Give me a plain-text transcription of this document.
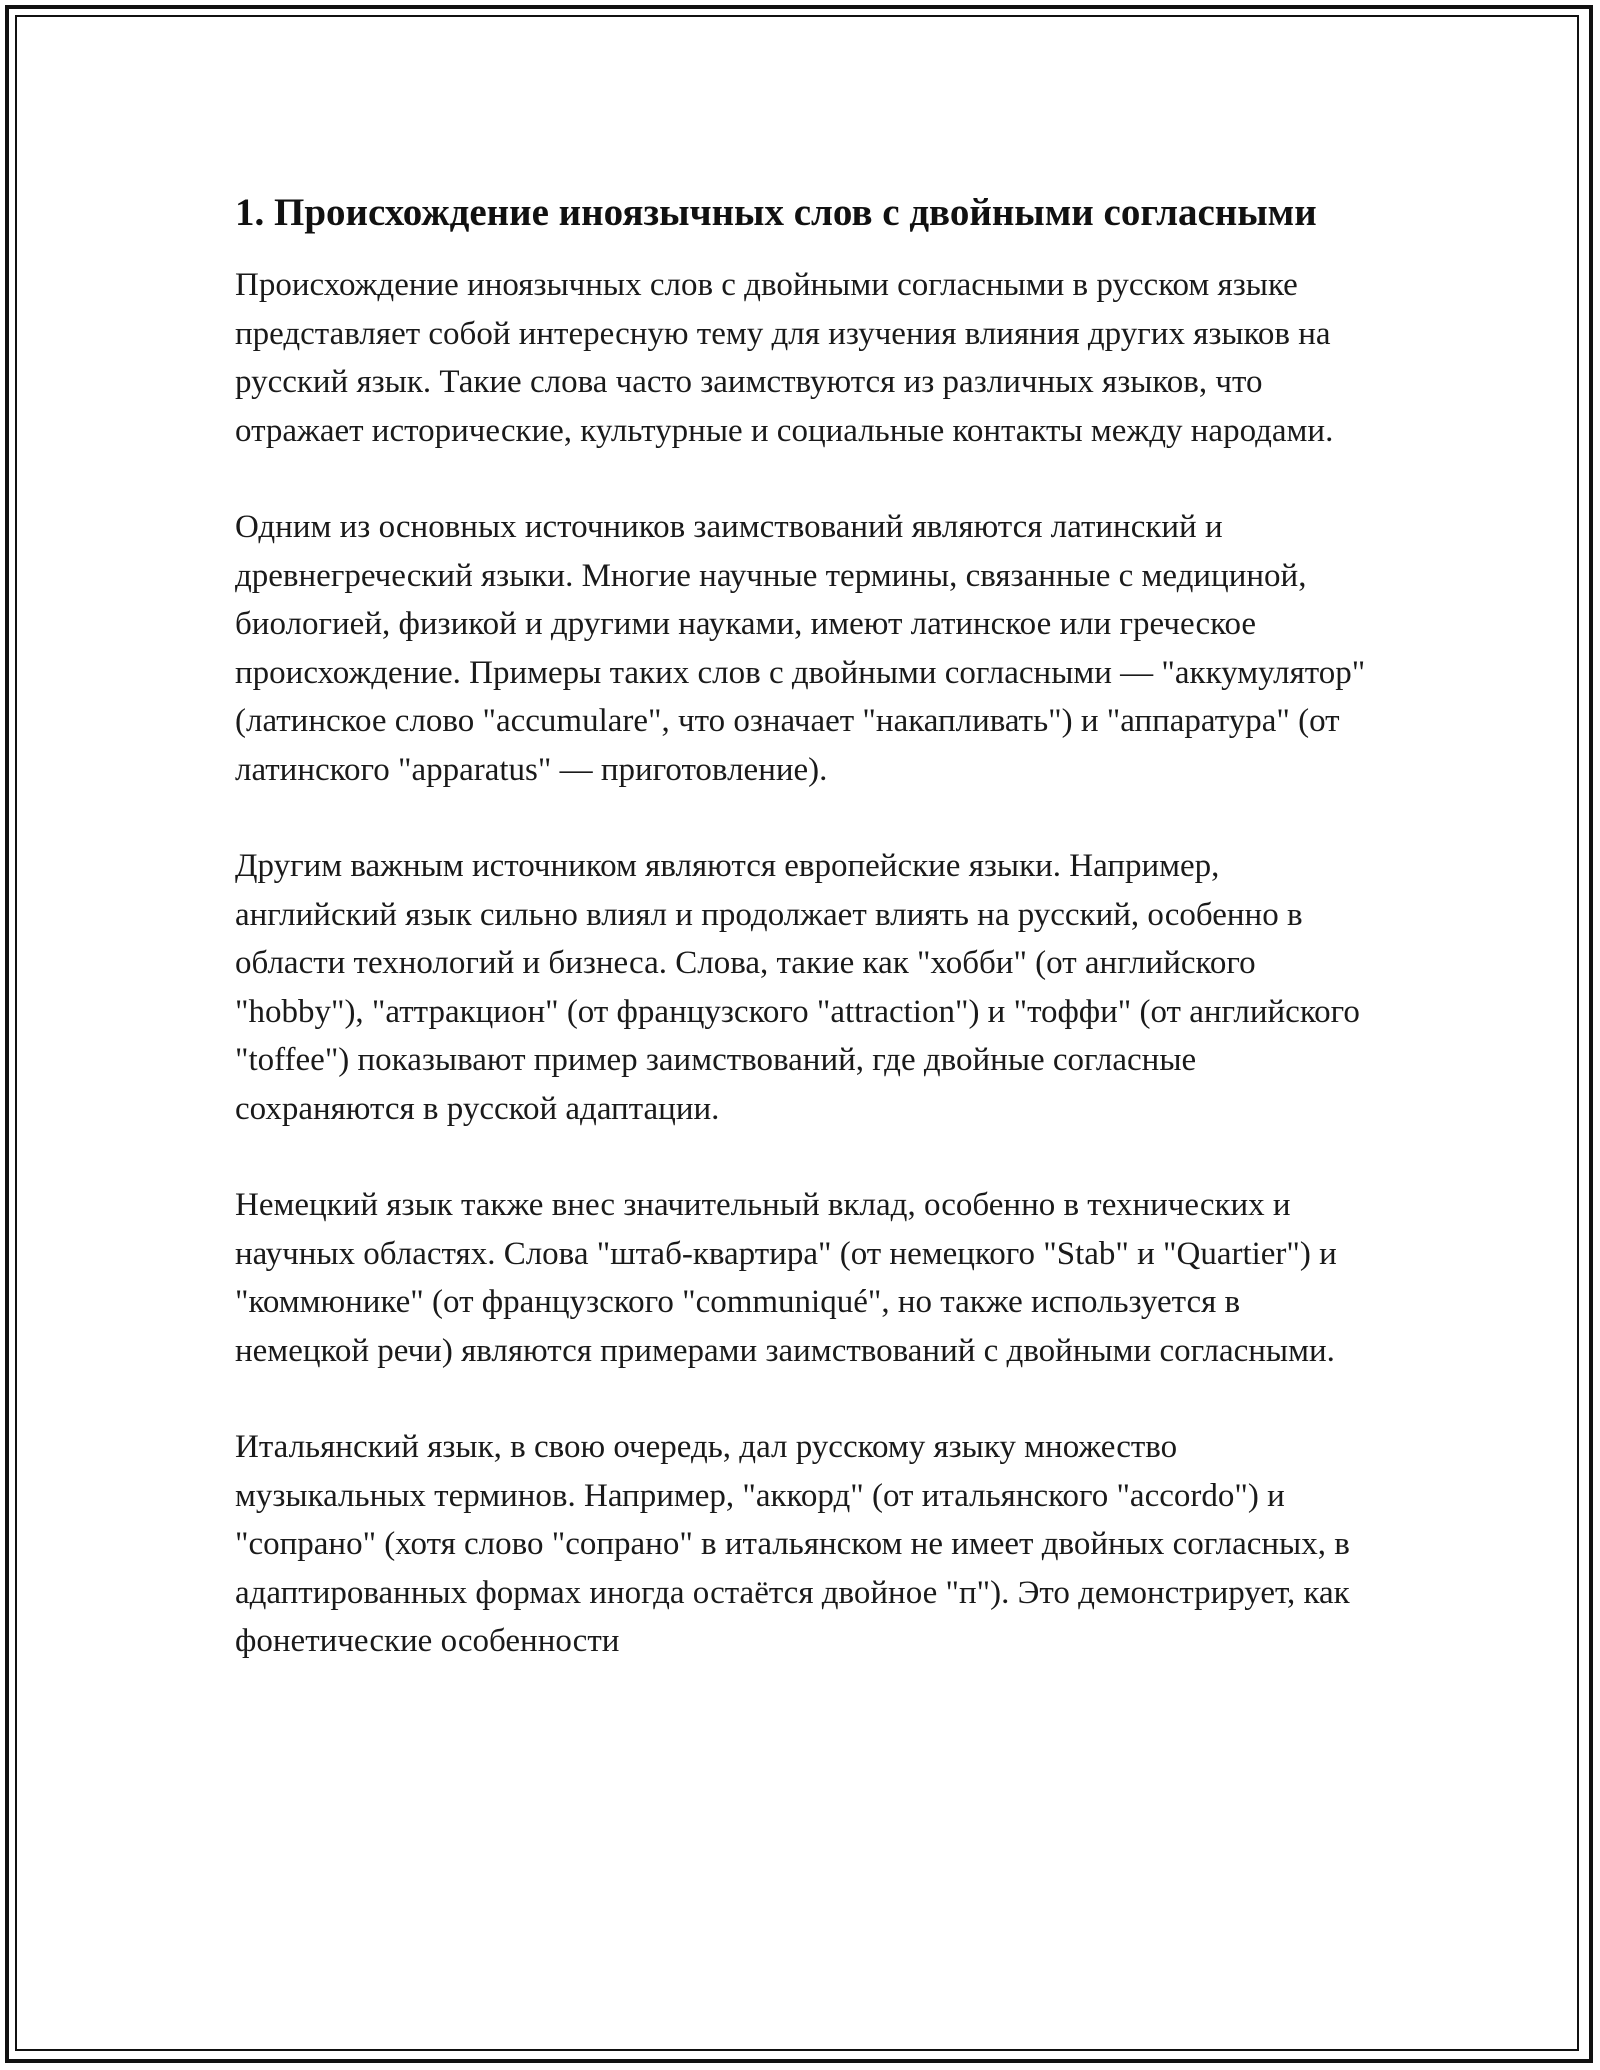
1. Происхождение иноязычных слов с двойными согласными

Происхождение иноязычных слов с двойными согласными в русском языке представляет собой интересную тему для изучения влияния других языков на русский язык. Такие слова часто заимствуются из различных языков, что отражает исторические, культурные и социальные контакты между народами.

Одним из основных источников заимствований являются латинский и древнегреческий языки. Многие научные термины, связанные с медициной, биологией, физикой и другими науками, имеют латинское или греческое происхождение. Примеры таких слов с двойными согласными — "аккумулятор" (латинское слово "accumulare", что означает "накапливать") и "аппаратура" (от латинского "apparatus" — приготовление).

Другим важным источником являются европейские языки. Например, английский язык сильно влиял и продолжает влиять на русский, особенно в области технологий и бизнеса. Слова, такие как "хобби" (от английского "hobby"), "аттракцион" (от французского "attraction") и "тоффи" (от английского "toffee") показывают пример заимствований, где двойные согласные сохраняются в русской адаптации.

Немецкий язык также внес значительный вклад, особенно в технических и научных областях. Слова "штаб-квартира" (от немецкого "Stab" и "Quartier") и "коммюнике" (от французского "communiqué", но также используется в немецкой речи) являются примерами заимствований с двойными согласными.

Итальянский язык, в свою очередь, дал русскому языку множество музыкальных терминов. Например, "аккорд" (от итальянского "accordo") и "сопрано" (хотя слово "сопрано" в итальянском не имеет двойных согласных, в адаптированных формах иногда остаётся двойное "п"). Это демонстрирует, как фонетические особенности
